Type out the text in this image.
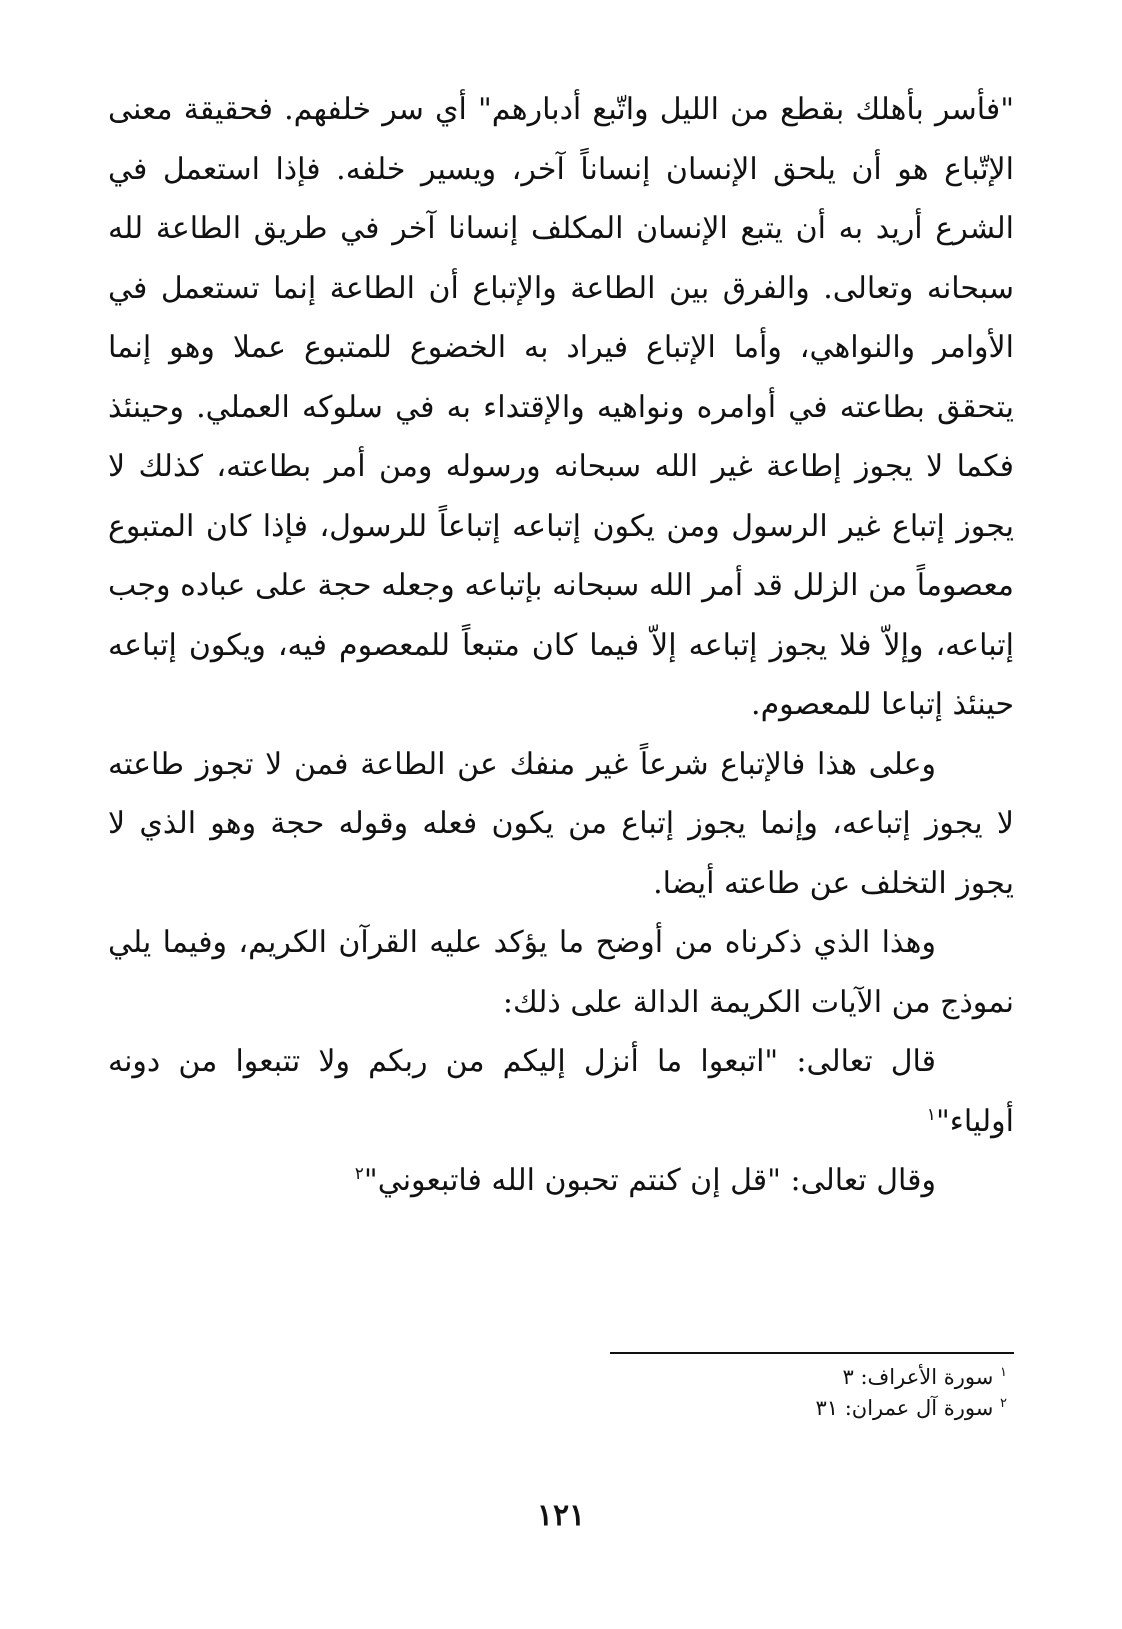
"فأسر بأهلك بقطع من الليل واتّبع أدبارهم" أي سر خلفهم. فحقيقة معنى الإتّباع هو أن يلحق الإنسان إنساناً آخر، ويسير خلفه. فإذا استعمل في الشرع أريد به أن يتبع الإنسان المكلف إنسانا آخر في طريق الطاعة لله سبحانه وتعالى. والفرق بين الطاعة والإتباع أن الطاعة إنما تستعمل في الأوامر والنواهي، وأما الإتباع فيراد به الخضوع للمتبوع عملا وهو إنما يتحقق بطاعته في أوامره ونواهيه والإقتداء به في سلوكه العملي. وحينئذ فكما لا يجوز إطاعة غير الله سبحانه ورسوله ومن أمر بطاعته، كذلك لا يجوز إتباع غير الرسول ومن يكون إتباعه إتباعاً للرسول، فإذا كان المتبوع معصوماً من الزلل قد أمر الله سبحانه بإتباعه وجعله حجة على عباده وجب إتباعه، وإلاّ فلا يجوز إتباعه إلاّ فيما كان متبعاً للمعصوم فيه، ويكون إتباعه حينئذ إتباعا للمعصوم.

وعلى هذا فالإتباع شرعاً غير منفك عن الطاعة فمن لا تجوز طاعته لا يجوز إتباعه، وإنما يجوز إتباع من يكون فعله وقوله حجة وهو الذي لا يجوز التخلف عن طاعته أيضا.

وهذا الذي ذكرناه من أوضح ما يؤكد عليه القرآن الكريم، وفيما يلي نموذج من الآيات الكريمة الدالة على ذلك:

قال تعالى: "اتبعوا ما أنزل إليكم من ربكم ولا تتبعوا من دونه أولياء"$^١$

وقال تعالى: "قل إن كنتم تحبون الله فاتبعوني"$^٢$

$^١$ سورة الأعراف: ٣
$^٢$ سورة آل عمران: ٣١
١٢١
